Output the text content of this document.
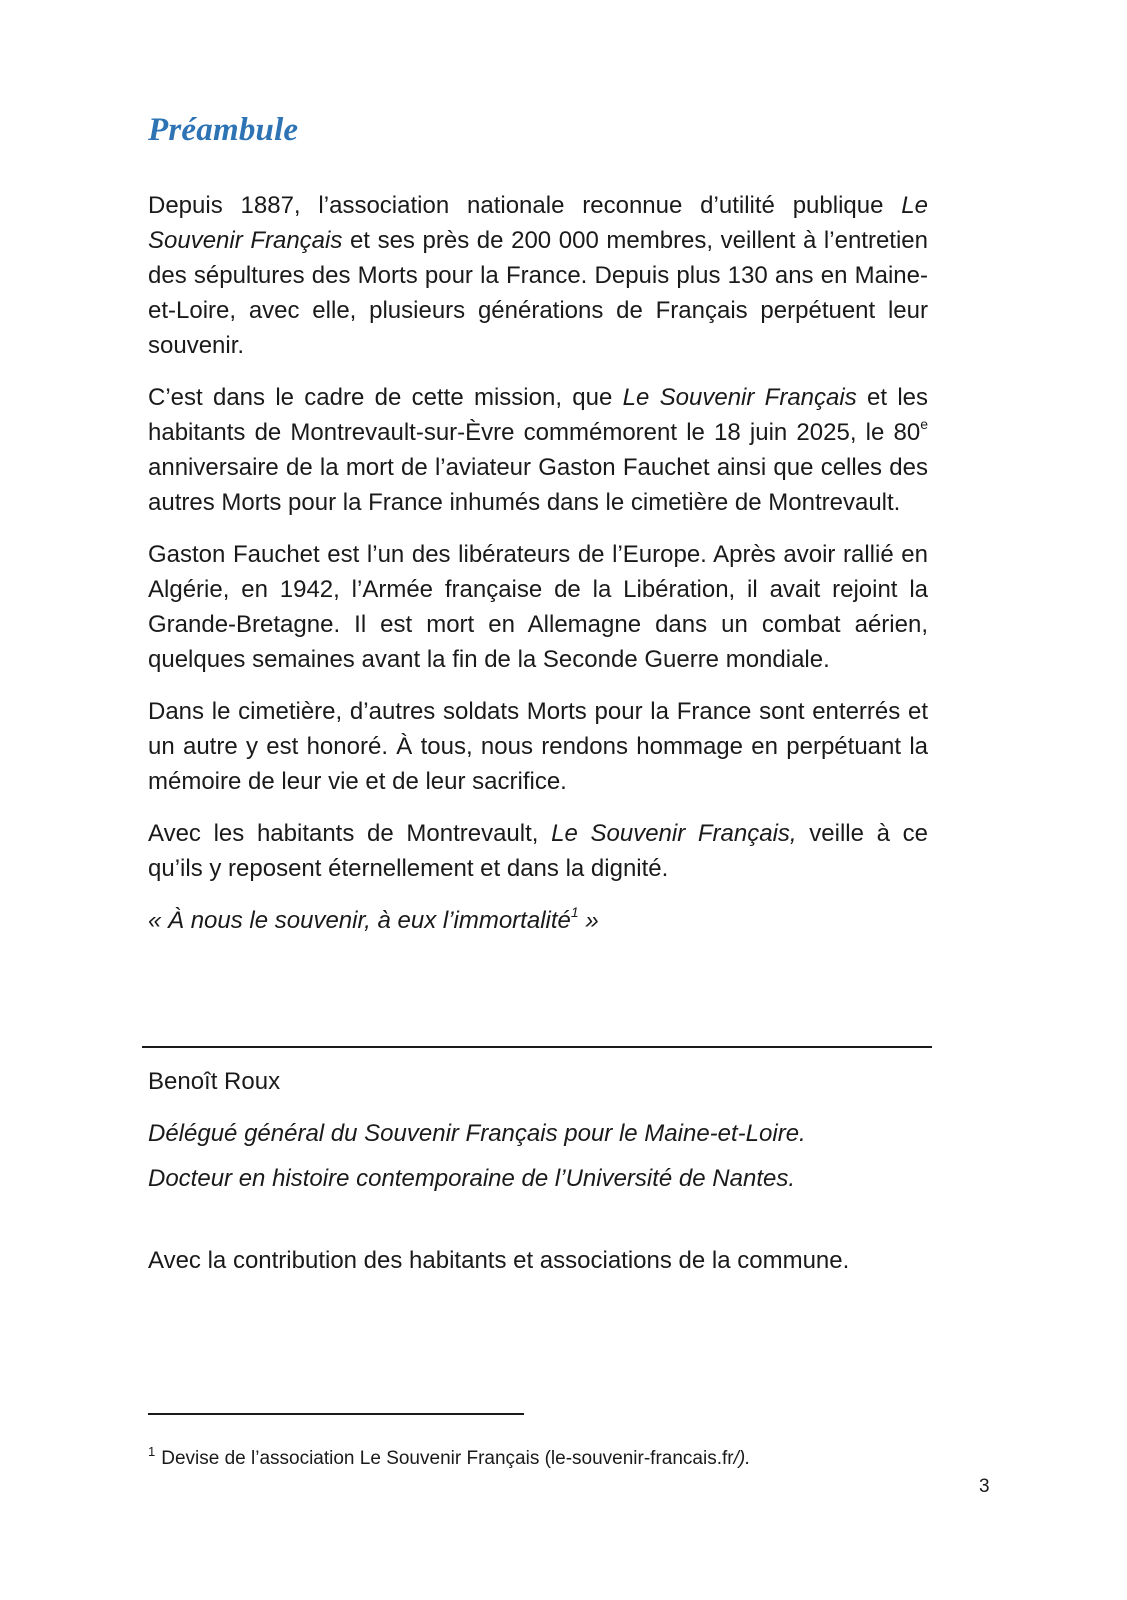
Préambule

Depuis 1887, l’association nationale reconnue d’utilité publique Le Souvenir Français et ses près de 200 000 membres, veillent à l’entretien des sépultures des Morts pour la France. Depuis plus 130 ans en Maine-et-Loire, avec elle, plusieurs générations de Français perpétuent leur souvenir.

C’est dans le cadre de cette mission, que Le Souvenir Français et les habitants de Montrevault-sur-Èvre commémorent le 18 juin 2025, le 80e anniversaire de la mort de l’aviateur Gaston Fauchet ainsi que celles des autres Morts pour la France inhumés dans le cimetière de Montrevault.

Gaston Fauchet est l’un des libérateurs de l’Europe. Après avoir rallié en Algérie, en 1942, l’Armée française de la Libération, il avait rejoint la Grande-Bretagne. Il est mort en Allemagne dans un combat aérien, quelques semaines avant la fin de la Seconde Guerre mondiale.

Dans le cimetière, d’autres soldats Morts pour la France sont enterrés et un autre y est honoré. À tous, nous rendons hommage en perpétuant la mémoire de leur vie et de leur sacrifice.

Avec les habitants de Montrevault, Le Souvenir Français, veille à ce qu’ils y reposent éternellement et dans la dignité.

« À nous le souvenir, à eux l’immortalité$^1$ »

Benoît Roux

Délégué général du Souvenir Français pour le Maine-et-Loire.

Docteur en histoire contemporaine de l’Université de Nantes.

Avec la contribution des habitants et associations de la commune.

$^1$ Devise de l’association Le Souvenir Français (le-souvenir-francais.fr/).

3
